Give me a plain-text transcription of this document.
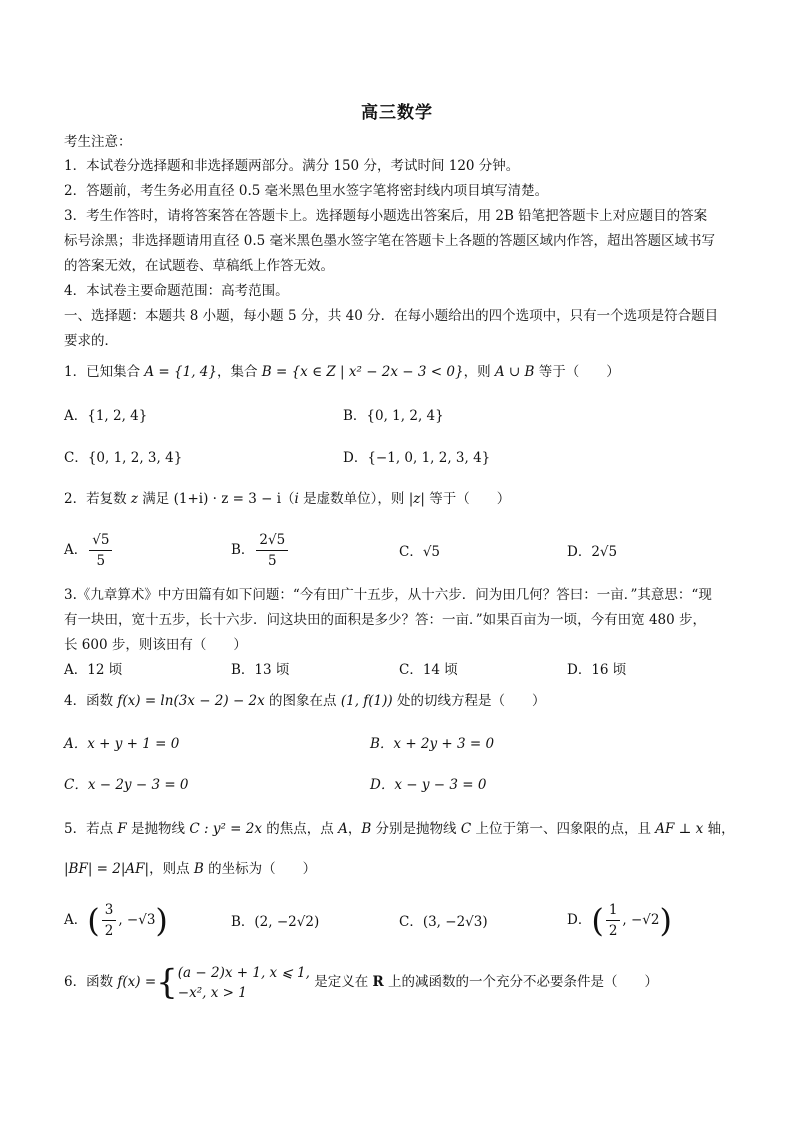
高三数学
考生注意：
1．本试卷分选择题和非选择题两部分。满分 150 分，考试时间 120 分钟。
2．答题前，考生务必用直径 0.5 毫米黑色里水签字笔将密封线内项目填写清楚。
3．考生作答时，请将答案答在答题卡上。选择题每小题选出答案后，用 2B 铅笔把答题卡上对应题目的答案
标号涂黑；非选择题请用直径 0.5 毫米黑色墨水签字笔在答题卡上各题的答题区域内作答，超出答题区域书写
的答案无效，在试题卷、草稿纸上作答无效。
4．本试卷主要命题范围：高考范围。
一、选择题：本题共 8 小题，每小题 5 分，共 40 分．在每小题给出的四个选项中，只有一个选项是符合题目
要求的．
1．已知集合 A = {1, 4}，集合 B = {x ∈ Z | x² − 2x − 3 < 0}，则 A ∪ B 等于（　　）
A．{1, 2, 4}	B．{0, 1, 2, 4}
C．{0, 1, 2, 3, 4}	D．{−1, 0, 1, 2, 3, 4}
2．若复数 z 满足 (1+i) · z = 3 − i（i 是虚数单位），则 |z| 等于（　　）
A． $\frac{√5}{5}$	B． $\frac{2√5}{5}$	C．√5	D．2√5
3.《九章算术》中方田篇有如下问题：“今有田广十五步，从十六步．问为田几何？答曰：一亩．”其意思：“现
有一块田，宽十五步，长十六步．问这块田的面积是多少？答：一亩．”如果百亩为一顷，今有田宽 480 步，
长 600 步，则该田有（　　）
A．12 顷	B．13 顷	C．14 顷	D．16 顷
4．函数 f(x) = ln(3x − 2) − 2x 的图象在点 (1, f(1)) 处的切线方程是（　　）
A．x + y + 1 = 0	B．x + 2y + 3 = 0
C．x − 2y − 3 = 0	D．x − y − 3 = 0
5．若点 F 是抛物线 C : y² = 2x 的焦点，点 A，B 分别是抛物线 C 上位于第一、四象限的点，且 AF ⊥ x 轴，
|BF| = 2|AF|，则点 B 的坐标为（　　）
A．( $\frac{3}{2}$ , −√3)	B．(2, −2√2)	C．(3, −2√3)	D．( $\frac{1}{2}$ , −√2)
6．函数 f(x) ={ (a − 2)x + 1, x ⩽ 1,
−x², x > 1
是定义在 R 上的减函数的一个充分不必要条件是（　　）
